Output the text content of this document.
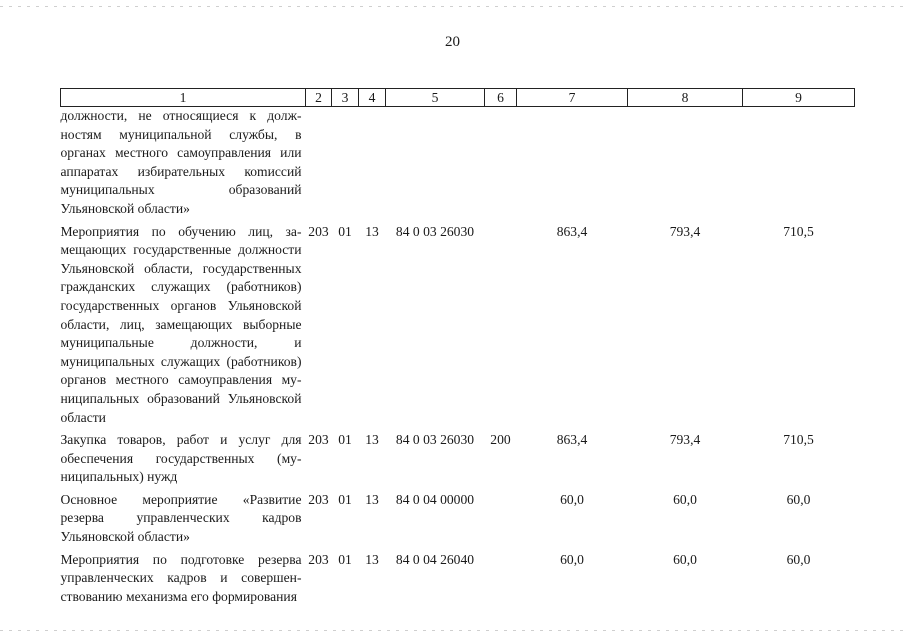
20
1	2	3	4	5	6	7	8	9
должности, не относящиеся к должностям муниципальной службы, в органах местного самоуправления или аппаратах избирательных коmиссий муниципальных образований Ульяновской области»								
Мероприятия по обучению лиц, замещающих государственные должности Ульяновской области, государственных гражданских служащих (работников) государственных органов Ульяновской области, лиц, замещающих выборные муниципальные должности, и муниципальных служащих (работников) органов местного самоуправления муниципальных образований Ульяновской области	203	01	13	84 0 03 26030		863,4	793,4	710,5
Закупка товаров, работ и услуг для обеспечения государственных (муниципальных) нужд	203	01	13	84 0 03 26030	200	863,4	793,4	710,5
Основное мероприятие «Развитие резерва управленческих кадров Ульяновской области»	203	01	13	84 0 04 00000		60,0	60,0	60,0
Мероприятия по подготовке резерва управленческих кадров и совершенствованию механизма его формирования	203	01	13	84 0 04 26040		60,0	60,0	60,0
